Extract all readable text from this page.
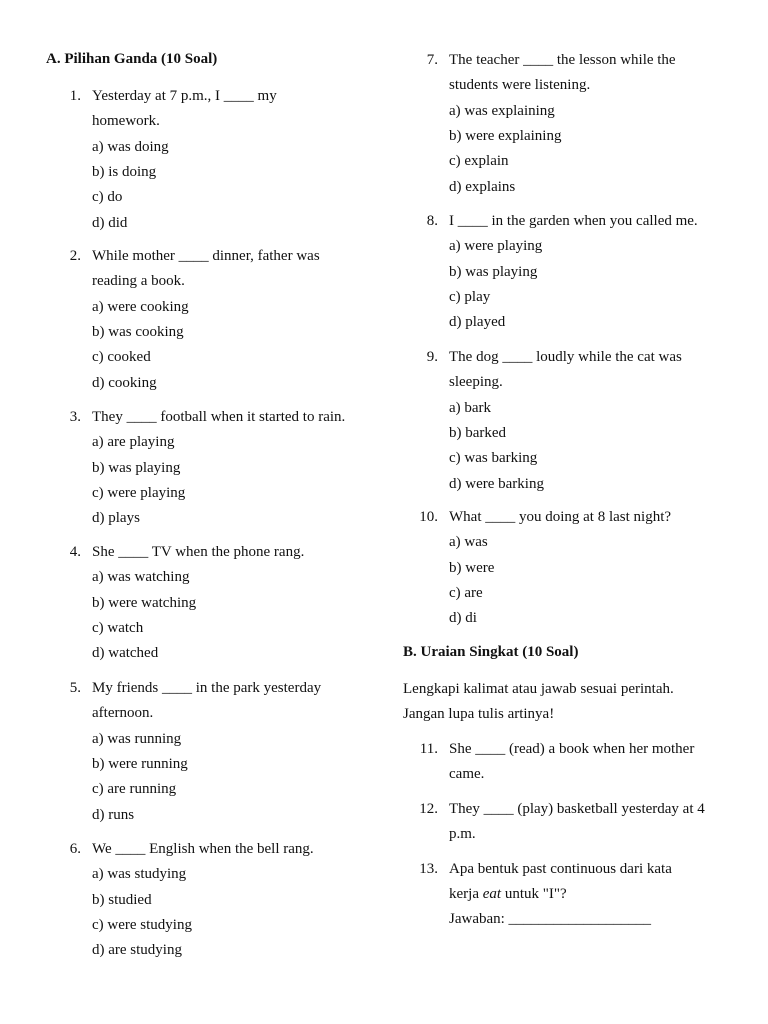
A. Pilihan Ganda (10 Soal)
1. Yesterday at 7 p.m., I ____ my
homework.
a) was doing
b) is doing
c) do
d) did
2. While mother ____ dinner, father was
reading a book.
a) were cooking
b) was cooking
c) cooked
d) cooking
3. They ____ football when it started to rain.
a) are playing
b) was playing
c) were playing
d) plays
4. She ____ TV when the phone rang.
a) was watching
b) were watching
c) watch
d) watched
5. My friends ____ in the park yesterday
afternoon.
a) was running
b) were running
c) are running
d) runs
6. We ____ English when the bell rang.
a) was studying
b) studied
c) were studying
d) are studying
7. The teacher ____ the lesson while the
students were listening.
a) was explaining
b) were explaining
c) explain
d) explains
8. I ____ in the garden when you called me.
a) were playing
b) was playing
c) play
d) played
9. The dog ____ loudly while the cat was
sleeping.
a) bark
b) barked
c) was barking
d) were barking
10. What ____ you doing at 8 last night?
a) was
b) were
c) are
d) di
B. Uraian Singkat (10 Soal)
Lengkapi kalimat atau jawab sesuai perintah.
Jangan lupa tulis artinya!
11. She ____ (read) a book when her mother
came.
12. They ____ (play) basketball yesterday at 4
p.m.
13. Apa bentuk past continuous dari kata
kerja eat untuk "I"?
Jawaban: ___________________
